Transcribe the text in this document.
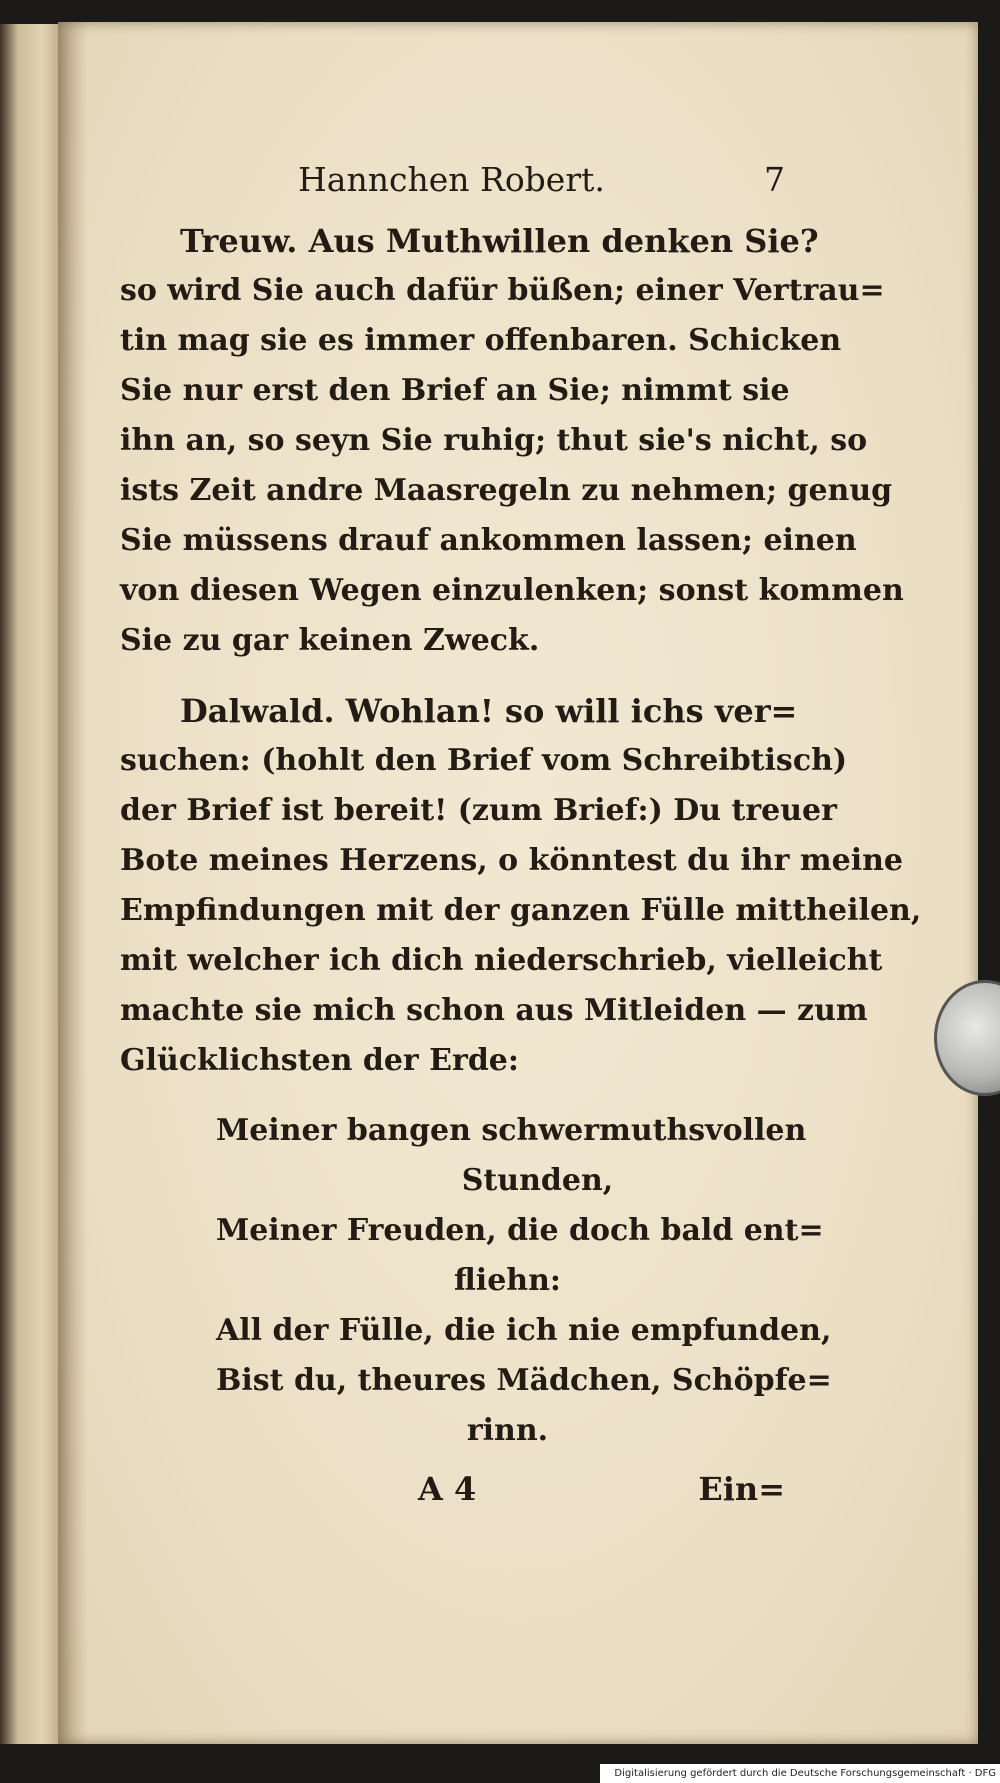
Hannchen Robert.	7
Treuw. Aus Muthwillen denken Sie?
so wird Sie auch dafür büßen; einer Vertrau=
tin mag sie es immer offenbaren. Schicken
Sie nur erst den Brief an Sie; nimmt sie
ihn an, so seyn Sie ruhig; thut sie's nicht, so
ists Zeit andre Maasregeln zu nehmen; genug
Sie müssens drauf ankommen lassen; einen
von diesen Wegen einzulenken; sonst kommen
Sie zu gar keinen Zweck.
Dalwald. Wohlan! so will ichs ver=
suchen: (hohlt den Brief vom Schreibtisch)
der Brief ist bereit! (zum Brief:) Du treuer
Bote meines Herzens, o könntest du ihr meine
Empfindungen mit der ganzen Fülle mittheilen,
mit welcher ich dich niederschrieb, vielleicht
machte sie mich schon aus Mitleiden — zum
Glücklichsten der Erde:
Meiner bangen schwermuthsvollen
Stunden,
Meiner Freuden, die doch bald ent=
fliehn:
All der Fülle, die ich nie empfunden,
Bist du, theures Mädchen, Schöpfe=
rinn.
A 4	Ein=
Digitalisierung gefördert durch die Deutsche Forschungsgemeinschaft · DFG
